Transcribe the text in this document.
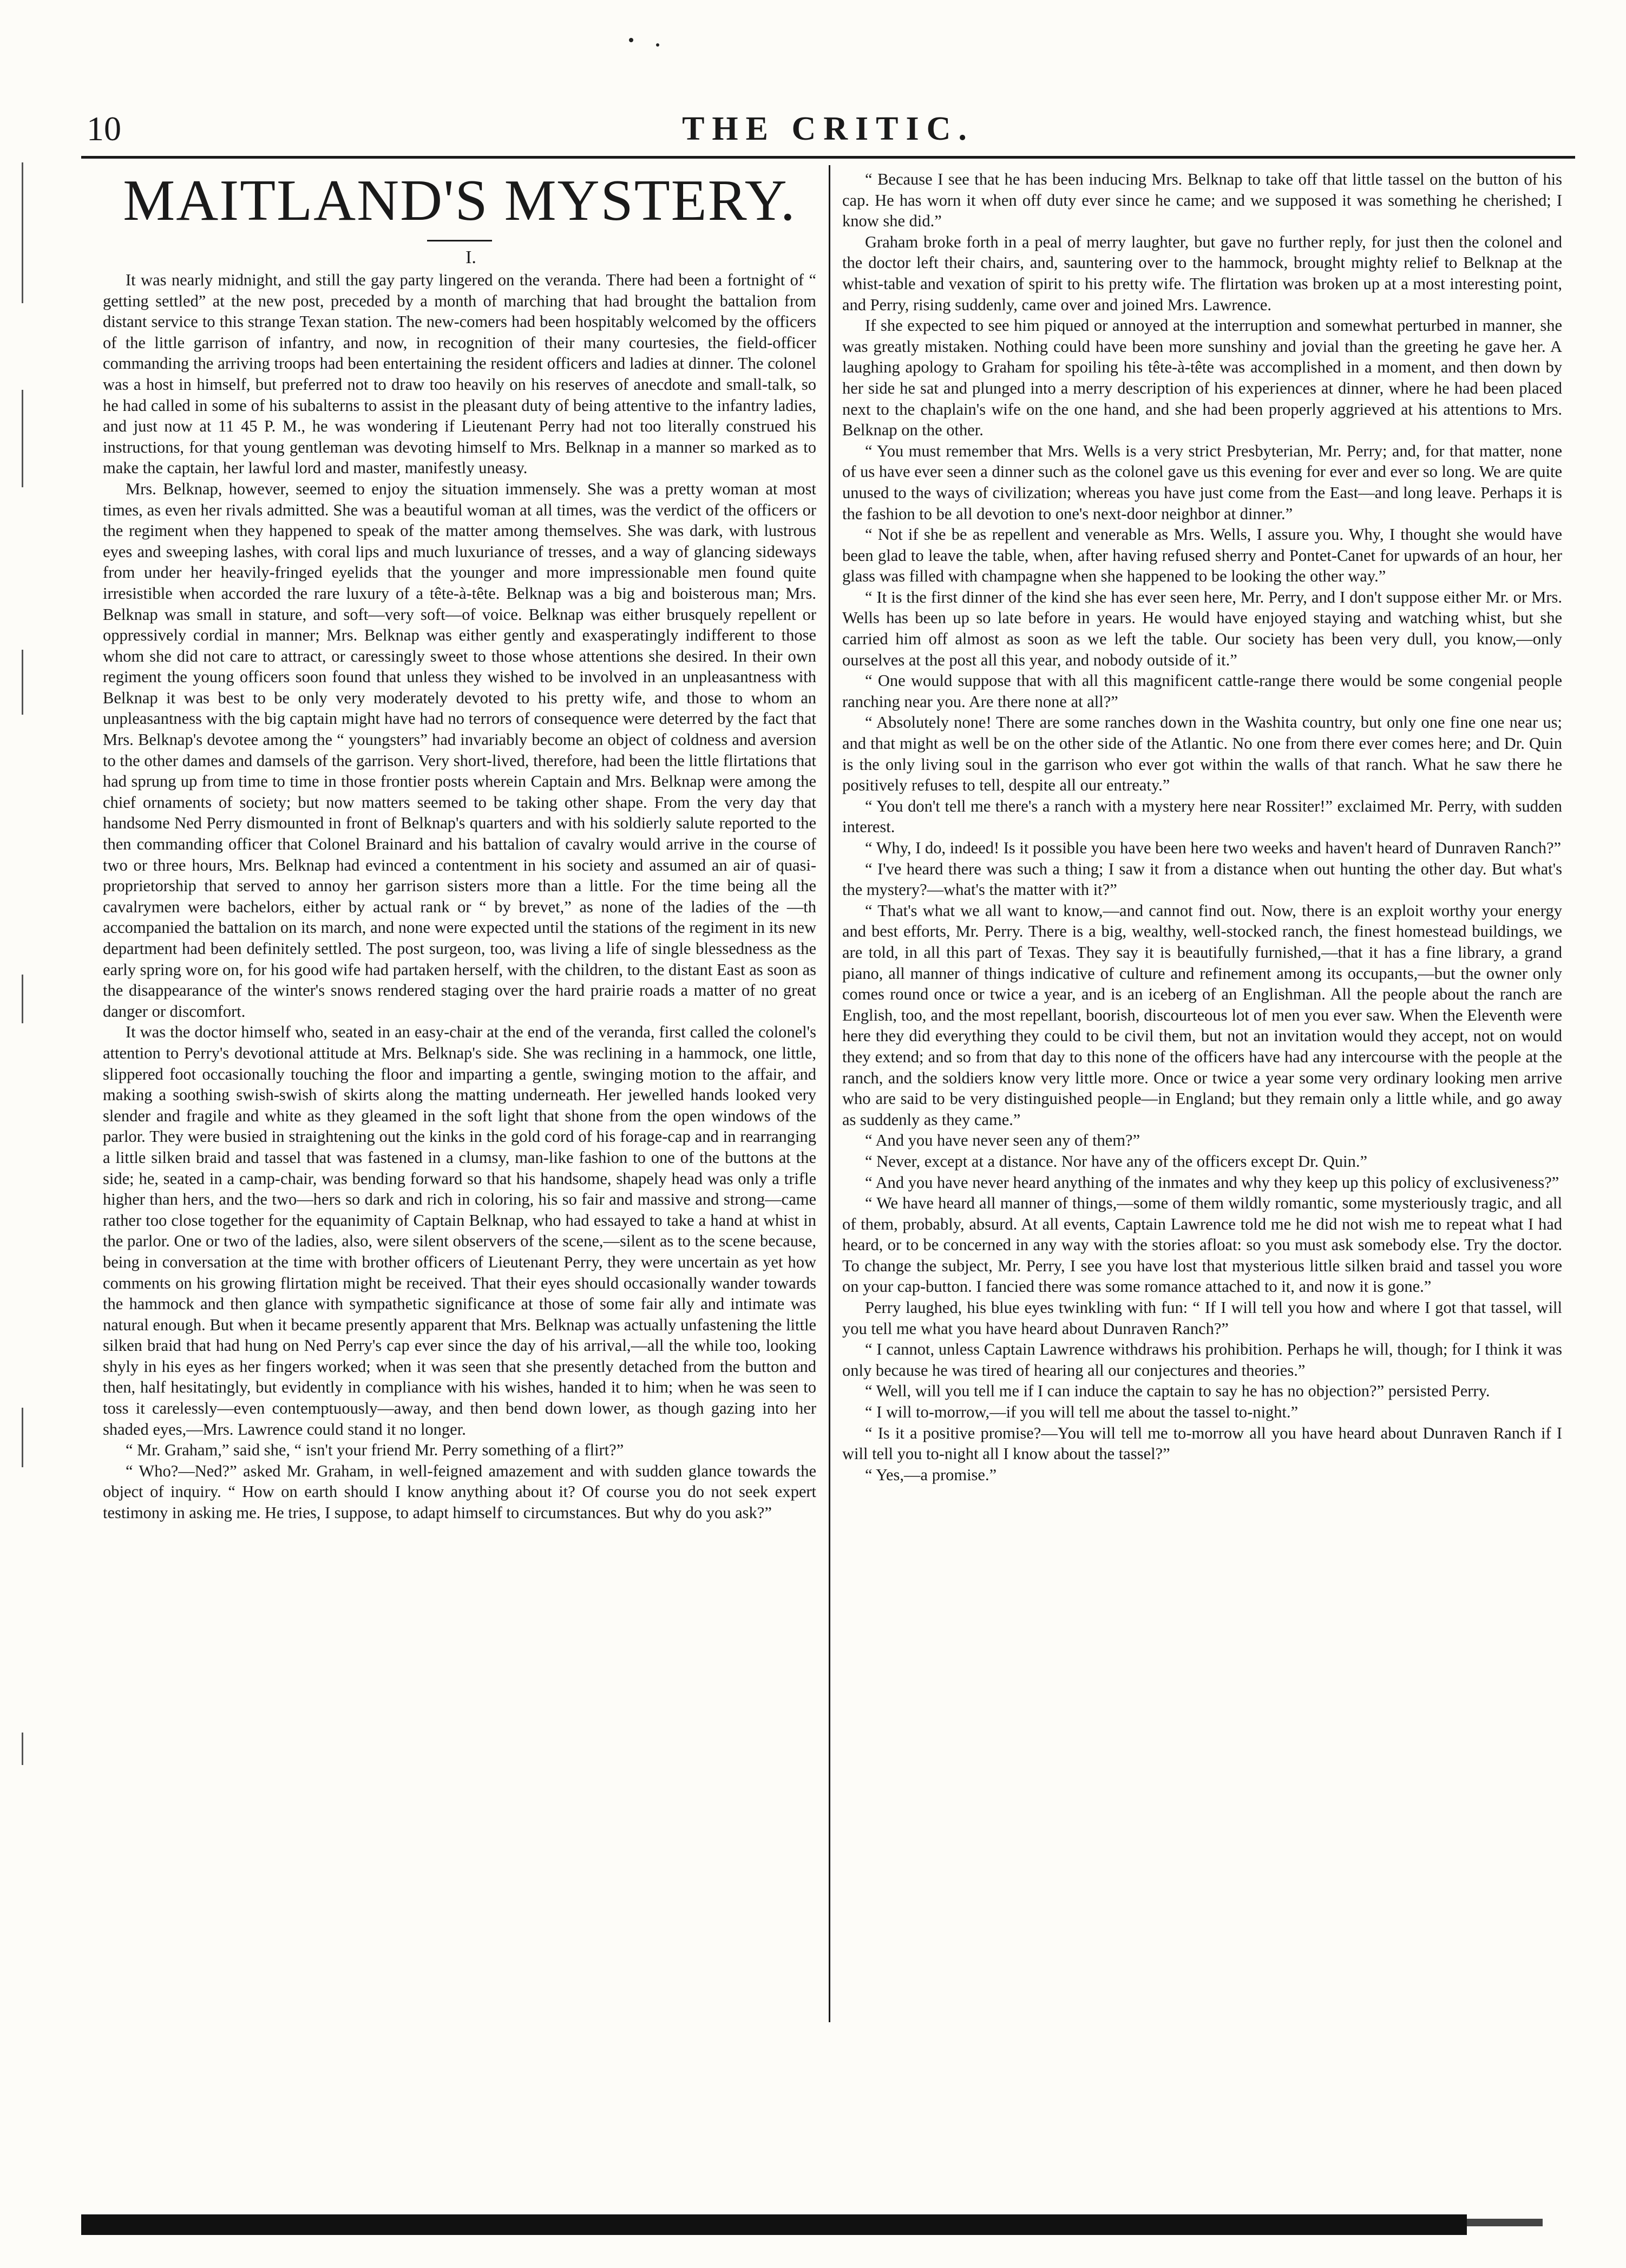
10	THE CRITIC.
MAITLAND'S MYSTERY.

I.

It was nearly midnight, and still the gay party lingered on the veranda. There had been a fortnight of “ getting settled” at the new post, preceded by a month of marching that had brought the battalion from distant service to this strange Texan station. The new-comers had been hospitably welcomed by the officers of the little garrison of infantry, and now, in recognition of their many courtesies, the field-officer commanding the arriving troops had been entertaining the resident officers and ladies at dinner. The colonel was a host in himself, but preferred not to draw too heavily on his reserves of anecdote and small-talk, so he had called in some of his subalterns to assist in the pleasant duty of being attentive to the infantry ladies, and just now at 11 45 P. M., he was wondering if Lieutenant Perry had not too literally construed his instructions, for that young gentleman was devoting himself to Mrs. Belknap in a manner so marked as to make the captain, her lawful lord and master, manifestly uneasy.

Mrs. Belknap, however, seemed to enjoy the situation immensely. She was a pretty woman at most times, as even her rivals admitted. She was a beautiful woman at all times, was the verdict of the officers or the regiment when they happened to speak of the matter among themselves. She was dark, with lustrous eyes and sweeping lashes, with coral lips and much luxuriance of tresses, and a way of glancing sideways from under her heavily-fringed eyelids that the younger and more impressionable men found quite irresistible when accorded the rare luxury of a tête-à-tête. Belknap was a big and boisterous man; Mrs. Belknap was small in stature, and soft—very soft—of voice. Belknap was either brusquely repellent or oppressively cordial in manner; Mrs. Belknap was either gently and exasperatingly indifferent to those whom she did not care to attract, or caressingly sweet to those whose attentions she desired. In their own regiment the young officers soon found that unless they wished to be involved in an unpleasantness with Belknap it was best to be only very moderately devoted to his pretty wife, and those to whom an unpleasantness with the big captain might have had no terrors of consequence were deterred by the fact that Mrs. Belknap's devotee among the “ youngsters” had invariably become an object of coldness and aversion to the other dames and damsels of the garrison. Very short-lived, therefore, had been the little flirtations that had sprung up from time to time in those frontier posts wherein Captain and Mrs. Belknap were among the chief ornaments of society; but now matters seemed to be taking other shape. From the very day that handsome Ned Perry dismounted in front of Belknap's quarters and with his soldierly salute reported to the then commanding officer that Colonel Brainard and his battalion of cavalry would arrive in the course of two or three hours, Mrs. Belknap had evinced a contentment in his society and assumed an air of quasi-proprietorship that served to annoy her garrison sisters more than a little. For the time being all the cavalrymen were bachelors, either by actual rank or “ by brevet,” as none of the ladies of the —th accompanied the battalion on its march, and none were expected until the stations of the regiment in its new department had been definitely settled. The post surgeon, too, was living a life of single blessedness as the early spring wore on, for his good wife had partaken herself, with the children, to the distant East as soon as the disappearance of the winter's snows rendered staging over the hard prairie roads a matter of no great danger or discomfort.

It was the doctor himself who, seated in an easy-chair at the end of the veranda, first called the colonel's attention to Perry's devotional attitude at Mrs. Belknap's side. She was reclining in a hammock, one little, slippered foot occasionally touching the floor and imparting a gentle, swinging motion to the affair, and making a soothing swish-swish of skirts along the matting underneath. Her jewelled hands looked very slender and fragile and white as they gleamed in the soft light that shone from the open windows of the parlor. They were busied in straightening out the kinks in the gold cord of his forage-cap and in rearranging a little silken braid and tassel that was fastened in a clumsy, man-like fashion to one of the buttons at the side; he, seated in a camp-chair, was bending forward so that his handsome, shapely head was only a trifle higher than hers, and the two—hers so dark and rich in coloring, his so fair and massive and strong—came rather too close together for the equanimity of Captain Belknap, who had essayed to take a hand at whist in the parlor. One or two of the ladies, also, were silent observers of the scene,—silent as to the scene because, being in conversation at the time with brother officers of Lieutenant Perry, they were uncertain as yet how comments on his growing flirtation might be received. That their eyes should occasionally wander towards the hammock and then glance with sympathetic significance at those of some fair ally and intimate was natural enough. But when it became presently apparent that Mrs. Belknap was actually unfastening the little silken braid that had hung on Ned Perry's cap ever since the day of his arrival,—all the while too, looking shyly in his eyes as her fingers worked; when it was seen that she presently detached from the button and then, half hesitatingly, but evidently in compliance with his wishes, handed it to him; when he was seen to toss it carelessly—even contemptuously—away, and then bend down lower, as though gazing into her shaded eyes,—Mrs. Lawrence could stand it no longer.

“ Mr. Graham,” said she, “ isn't your friend Mr. Perry something of a flirt?”

“ Who?—Ned?” asked Mr. Graham, in well-feigned amazement and with sudden glance towards the object of inquiry. “ How on earth should I know anything about it? Of course you do not seek expert testimony in asking me. He tries, I suppose, to adapt himself to circumstances. But why do you ask?”

“ Because I see that he has been inducing Mrs. Belknap to take off that little tassel on the button of his cap. He has worn it when off duty ever since he came; and we supposed it was something he cherished; I know she did.”

Graham broke forth in a peal of merry laughter, but gave no further reply, for just then the colonel and the doctor left their chairs, and, sauntering over to the hammock, brought mighty relief to Belknap at the whist-table and vexation of spirit to his pretty wife. The flirtation was broken up at a most interesting point, and Perry, rising suddenly, came over and joined Mrs. Lawrence.

If she expected to see him piqued or annoyed at the interruption and somewhat perturbed in manner, she was greatly mistaken. Nothing could have been more sunshiny and jovial than the greeting he gave her. A laughing apology to Graham for spoiling his tête-à-tête was accomplished in a moment, and then down by her side he sat and plunged into a merry description of his experiences at dinner, where he had been placed next to the chaplain's wife on the one hand, and she had been properly aggrieved at his attentions to Mrs. Belknap on the other.

“ You must remember that Mrs. Wells is a very strict Presbyterian, Mr. Perry; and, for that matter, none of us have ever seen a dinner such as the colonel gave us this evening for ever and ever so long. We are quite unused to the ways of civilization; whereas you have just come from the East—and long leave. Perhaps it is the fashion to be all devotion to one's next-door neighbor at dinner.”

“ Not if she be as repellent and venerable as Mrs. Wells, I assure you. Why, I thought she would have been glad to leave the table, when, after having refused sherry and Pontet-Canet for upwards of an hour, her glass was filled with champagne when she happened to be looking the other way.”

“ It is the first dinner of the kind she has ever seen here, Mr. Perry, and I don't suppose either Mr. or Mrs. Wells has been up so late before in years. He would have enjoyed staying and watching whist, but she carried him off almost as soon as we left the table. Our society has been very dull, you know,—only ourselves at the post all this year, and nobody outside of it.”

“ One would suppose that with all this magnificent cattle-range there would be some congenial people ranching near you. Are there none at all?”

“ Absolutely none! There are some ranches down in the Washita country, but only one fine one near us; and that might as well be on the other side of the Atlantic. No one from there ever comes here; and Dr. Quin is the only living soul in the garrison who ever got within the walls of that ranch. What he saw there he positively refuses to tell, despite all our entreaty.”

“ You don't tell me there's a ranch with a mystery here near Rossiter!” exclaimed Mr. Perry, with sudden interest.

“ Why, I do, indeed! Is it possible you have been here two weeks and haven't heard of Dunraven Ranch?”

“ I've heard there was such a thing; I saw it from a distance when out hunting the other day. But what's the mystery?—what's the matter with it?”

“ That's what we all want to know,—and cannot find out. Now, there is an exploit worthy your energy and best efforts, Mr. Perry. There is a big, wealthy, well-stocked ranch, the finest homestead buildings, we are told, in all this part of Texas. They say it is beautifully furnished,—that it has a fine library, a grand piano, all manner of things indicative of culture and refinement among its occupants,—but the owner only comes round once or twice a year, and is an iceberg of an Englishman. All the people about the ranch are English, too, and the most repellant, boorish, discourteous lot of men you ever saw. When the Eleventh were here they did everything they could to be civil them, but not an invitation would they accept, not on would they extend; and so from that day to this none of the officers have had any intercourse with the people at the ranch, and the soldiers know very little more. Once or twice a year some very ordinary looking men arrive who are said to be very distinguished people—in England; but they remain only a little while, and go away as suddenly as they came.”

“ And you have never seen any of them?”

“ Never, except at a distance. Nor have any of the officers except Dr. Quin.”

“ And you have never heard anything of the inmates and why they keep up this policy of exclusiveness?”

“ We have heard all manner of things,—some of them wildly romantic, some mysteriously tragic, and all of them, probably, absurd. At all events, Captain Lawrence told me he did not wish me to repeat what I had heard, or to be concerned in any way with the stories afloat: so you must ask somebody else. Try the doctor. To change the subject, Mr. Perry, I see you have lost that mysterious little silken braid and tassel you wore on your cap-button. I fancied there was some romance attached to it, and now it is gone.”

Perry laughed, his blue eyes twinkling with fun: “ If I will tell you how and where I got that tassel, will you tell me what you have heard about Dunraven Ranch?”

“ I cannot, unless Captain Lawrence withdraws his prohibition. Perhaps he will, though; for I think it was only because he was tired of hearing all our conjectures and theories.”

“ Well, will you tell me if I can induce the captain to say he has no objection?” persisted Perry.

“ I will to-morrow,—if you will tell me about the tassel to-night.”

“ Is it a positive promise?—You will tell me to-morrow all you have heard about Dunraven Ranch if I will tell you to-night all I know about the tassel?”

“ Yes,—a promise.”
